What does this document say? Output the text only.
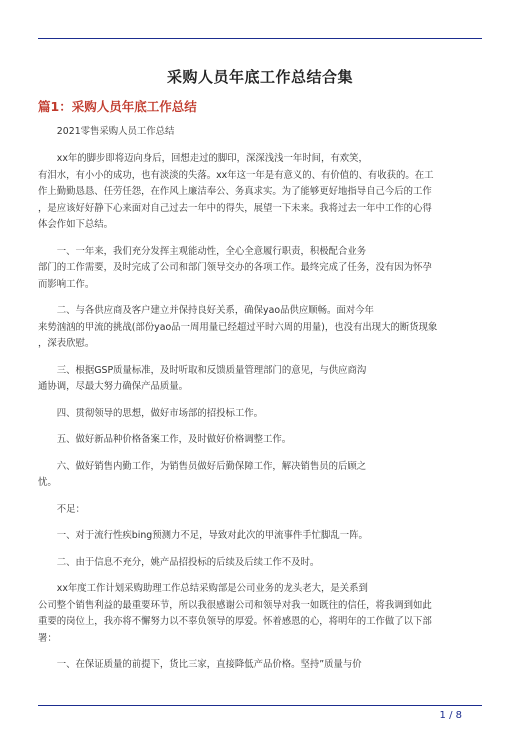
采购人员年底工作总结合集
篇1：采购人员年底工作总结

2021零售采购人员工作总结

xx年的脚步即将迈向身后，回想走过的脚印，深深浅浅一年时间，有欢笑，

有泪水，有小小的成功，也有淡淡的失落。xx年这一年是有意义的、有价值的、有收获的。在工

作上勤勤恳恳、任劳任怨，在作风上廉洁奉公、务真求实。为了能够更好地指导自己今后的工作

，是应该好好静下心来面对自己过去一年中的得失，展望一下未来。我将过去一年中工作的心得

体会作如下总结。

一、一年来，我们充分发挥主观能动性，全心全意履行职责，积极配合业务

部门的工作需要，及时完成了公司和部门领导交办的各项工作。最终完成了任务，没有因为怀孕

而影响工作。

二、与各供应商及客户建立并保持良好关系，确保yao品供应顺畅。面对今年

来势汹汹的甲流的挑战(部份yao品一周用量已经超过平时六周的用量)，也没有出现大的断货现象

，深表欣慰。

三、根据GSP质量标准，及时听取和反馈质量管理部门的意见，与供应商沟

通协调，尽最大努力确保产品质量。

四、贯彻领导的思想，做好市场部的招投标工作。

五、做好新品种价格备案工作，及时做好价格调整工作。

六、做好销售内勤工作，为销售员做好后勤保障工作，解决销售员的后顾之

忧。

不足：

一、对于流行性疾bing预测力不足，导致对此次的甲流事件手忙脚乱一阵。

二、由于信息不充分，姚产品招投标的后续及后续工作不及时。

xx年度工作计划采购助理工作总结采购部是公司业务的龙头老大，是关系到

公司整个销售利益的最重要环节，所以我很感谢公司和领导对我一如既往的信任，将我调到如此

重要的岗位上，我亦将不懈努力以不辜负领导的厚爱。怀着感恩的心，将明年的工作做了以下部

署：

一、在保证质量的前提下，货比三家，直接降低产品价格。坚持”质量与价

1 / 8
